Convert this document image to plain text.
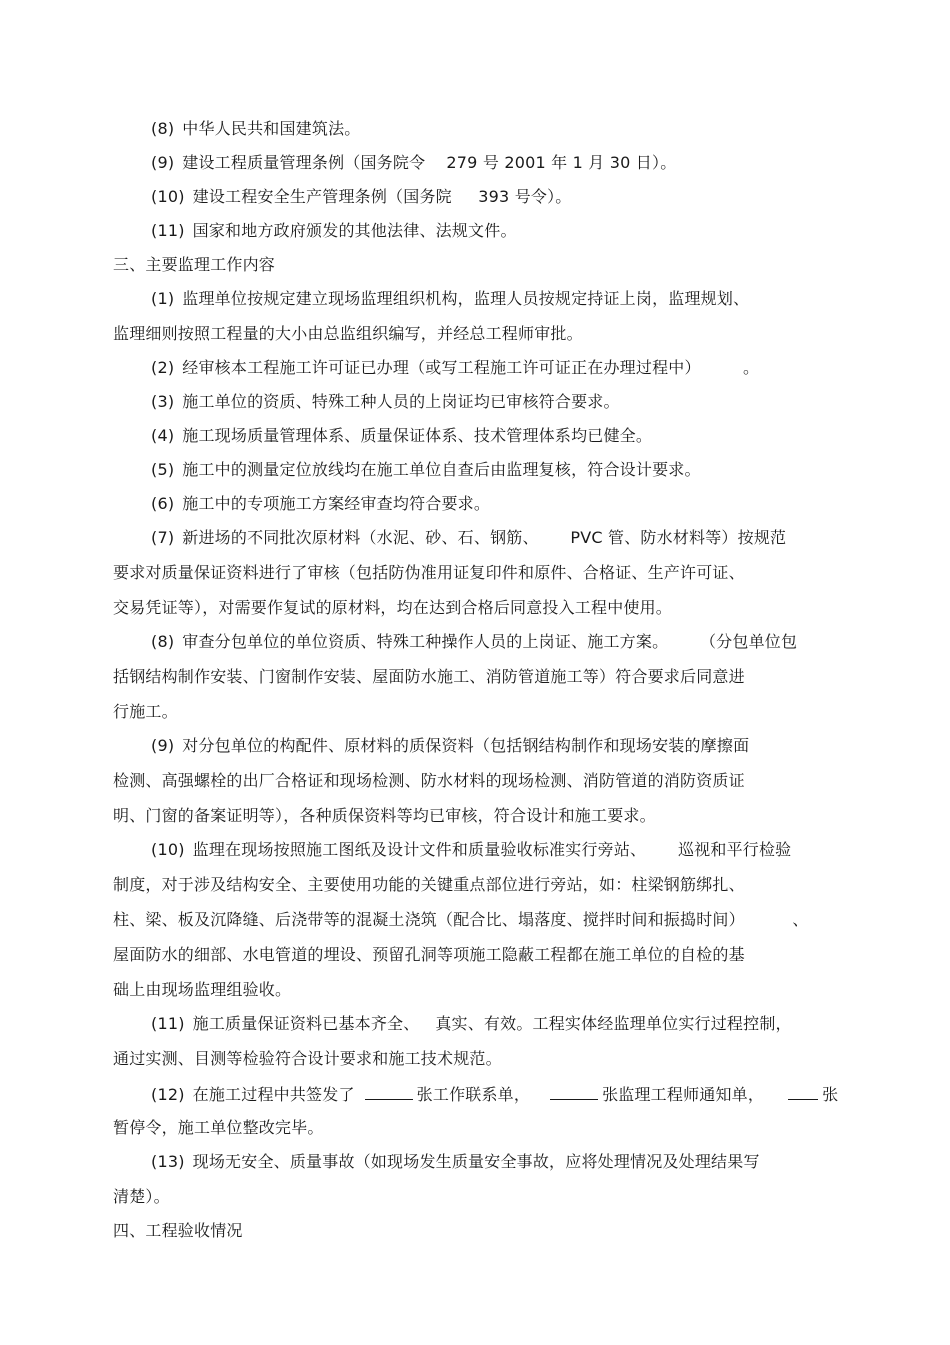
(8) 中华人民共和国建筑法。
(9) 建设工程质量管理条例（国务院令    279 号 2001 年 1 月 30 日）。
(10) 建设工程安全生产管理条例（国务院     393 号令）。
(11) 国家和地方政府颁发的其他法律、法规文件。
三、主要监理工作内容
(1) 监理单位按规定建立现场监理组织机构，监理人员按规定持证上岗，监理规划、
监理细则按照工程量的大小由总监组织编写，并经总工程师审批。
(2) 经审核本工程施工许可证已办理（或写工程施工许可证正在办理过程中）        。
(3) 施工单位的资质、特殊工种人员的上岗证均已审核符合要求。
(4) 施工现场质量管理体系、质量保证体系、技术管理体系均已健全。
(5) 施工中的测量定位放线均在施工单位自查后由监理复核，符合设计要求。
(6) 施工中的专项施工方案经审查均符合要求。
(7) 新进场的不同批次原材料（水泥、砂、石、钢筋、      PVC 管、防水材料等）按规范
要求对质量保证资料进行了审核（包括防伪准用证复印件和原件、合格证、生产许可证、
交易凭证等），对需要作复试的原材料，均在达到合格后同意投入工程中使用。
(8) 审查分包单位的单位资质、特殊工种操作人员的上岗证、施工方案。      （分包单位包
括钢结构制作安装、门窗制作安装、屋面防水施工、消防管道施工等）符合要求后同意进
行施工。
(9) 对分包单位的构配件、原材料的质保资料（包括钢结构制作和现场安装的摩擦面
检测、高强螺栓的出厂合格证和现场检测、防水材料的现场检测、消防管道的消防资质证
明、门窗的备案证明等），各种质保资料等均已审核，符合设计和施工要求。
(10) 监理在现场按照施工图纸及设计文件和质量验收标准实行旁站、      巡视和平行检验
制度，对于涉及结构安全、主要使用功能的关键重点部位进行旁站，如：柱梁钢筋绑扎、
柱、梁、板及沉降缝、后浇带等的混凝土浇筑（配合比、塌落度、搅拌时间和振捣时间）         、
屋面防水的细部、水电管道的埋设、预留孔洞等项施工隐蔽工程都在施工单位的自检的基
础上由现场监理组验收。
(11) 施工质量保证资料已基本齐全、   真实、有效。工程实体经监理单位实行过程控制，
通过实测、目测等检验符合设计要求和施工技术规范。
(12) 在施工过程中共签发了	张工作联系单，	张监理工程师通知单，	张
暂停令，施工单位整改完毕。
(13) 现场无安全、质量事故（如现场发生质量安全事故，应将处理情况及处理结果写
清楚）。
四、工程验收情况
